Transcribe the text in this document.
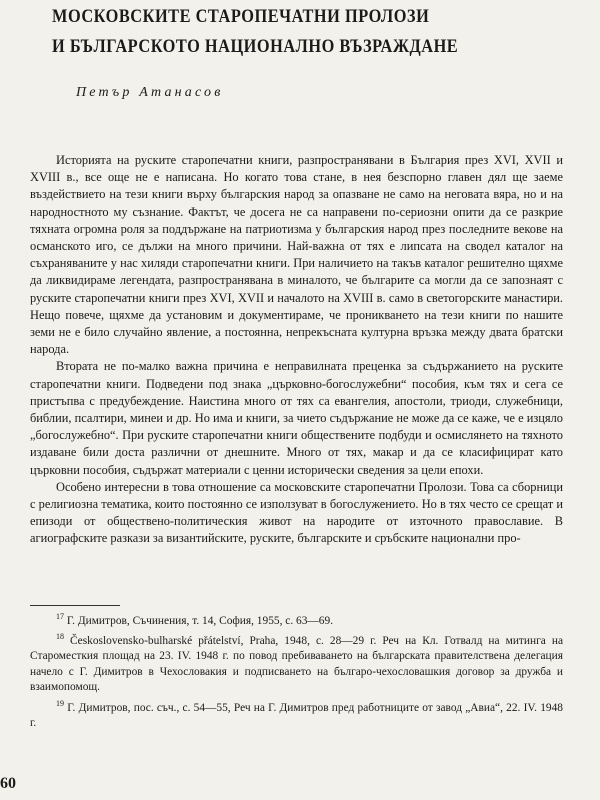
МОСКОВСКИТЕ СТАРОПЕЧАТНИ ПРОЛОЗИ
И БЪЛГАРСКОТО НАЦИОНАЛНО ВЪЗРАЖДАНЕ
Петър Атанасов

Историята на руските старопечатни книги, разпространявани в България през XVI, XVII и XVIII в., все още не е написана. Но когато това стане, в нея безспорно главен дял ще заеме въздействието на тези книги върху българския народ за опазване не само на неговата вяра, но и на народностното му съзнание. Фактът, че досега не са направени по-сериозни опити да се разкрие тяхната огромна роля за поддържане на патриотизма у българския народ през последните векове на османското иго, се дължи на много причини. Най-важна от тях е липсата на сводел каталог на съхраняваните у нас хиляди старопечатни книги. При наличието на такъв каталог решително щяхме да ликвидираме легендата, разпространявана в миналото, че българите са могли да се запознаят с руските старопечатни книги през XVI, XVII и началото на XVIII в. само в светогорските манастири. Нещо повече, щяхме да установим и документираме, че проникването на тези книги по нашите земи не е било случайно явление, а постоянна, непрекъсната културна връзка между двата братски народа.

Втората не по-малко важна причина е неправилната преценка за съдържанието на руските старопечатни книги. Подведени под знака „църковно-богослужебни“ пособия, към тях и сега се пристъпва с предубеждение. Наистина много от тях са евангелия, апостоли, триоди, служебници, библии, псалтири, минеи и др. Но има и книги, за чието съдържание не може да се каже, че е изцяло „богослужебно“. При руските старопечатни книги обществените подбуди и осмислянето на тяхното издаване били доста различни от днешните. Много от тях, макар и да се класифицират като църковни пособия, съдържат материали с ценни исторически сведения за цели епохи.

Особено интересни в това отношение са московските старопечатни Пролози. Това са сборници с религиозна тематика, които постоянно се използуват в богослужението. Но в тях често се срещат и епизоди от обществено-политическия живот на народите от източното православие. В агиографските разкази за византийските, руските, българските и сръбските национални про-

$^{17}$ Г. Димитров, Съчинения, т. 14, София, 1955, с. 63—69.

$^{18}$ Československo-bulharské přátelství, Praha, 1948, с. 28—29 г. Реч на Кл. Готвалд на митинга на Староместкия площад на 23. IV. 1948 г. по повод пребиваването на българската правителствена делегация начело с Г. Димитров в Чехословакия и подписването на българо-чехословашкия договор за дружба и взаимопомощ.

$^{19}$ Г. Димитров, пос. съч., с. 54—55, Реч на Г. Димитров пред работниците от завод „Авиа“, 22. IV. 1948 г.

60
